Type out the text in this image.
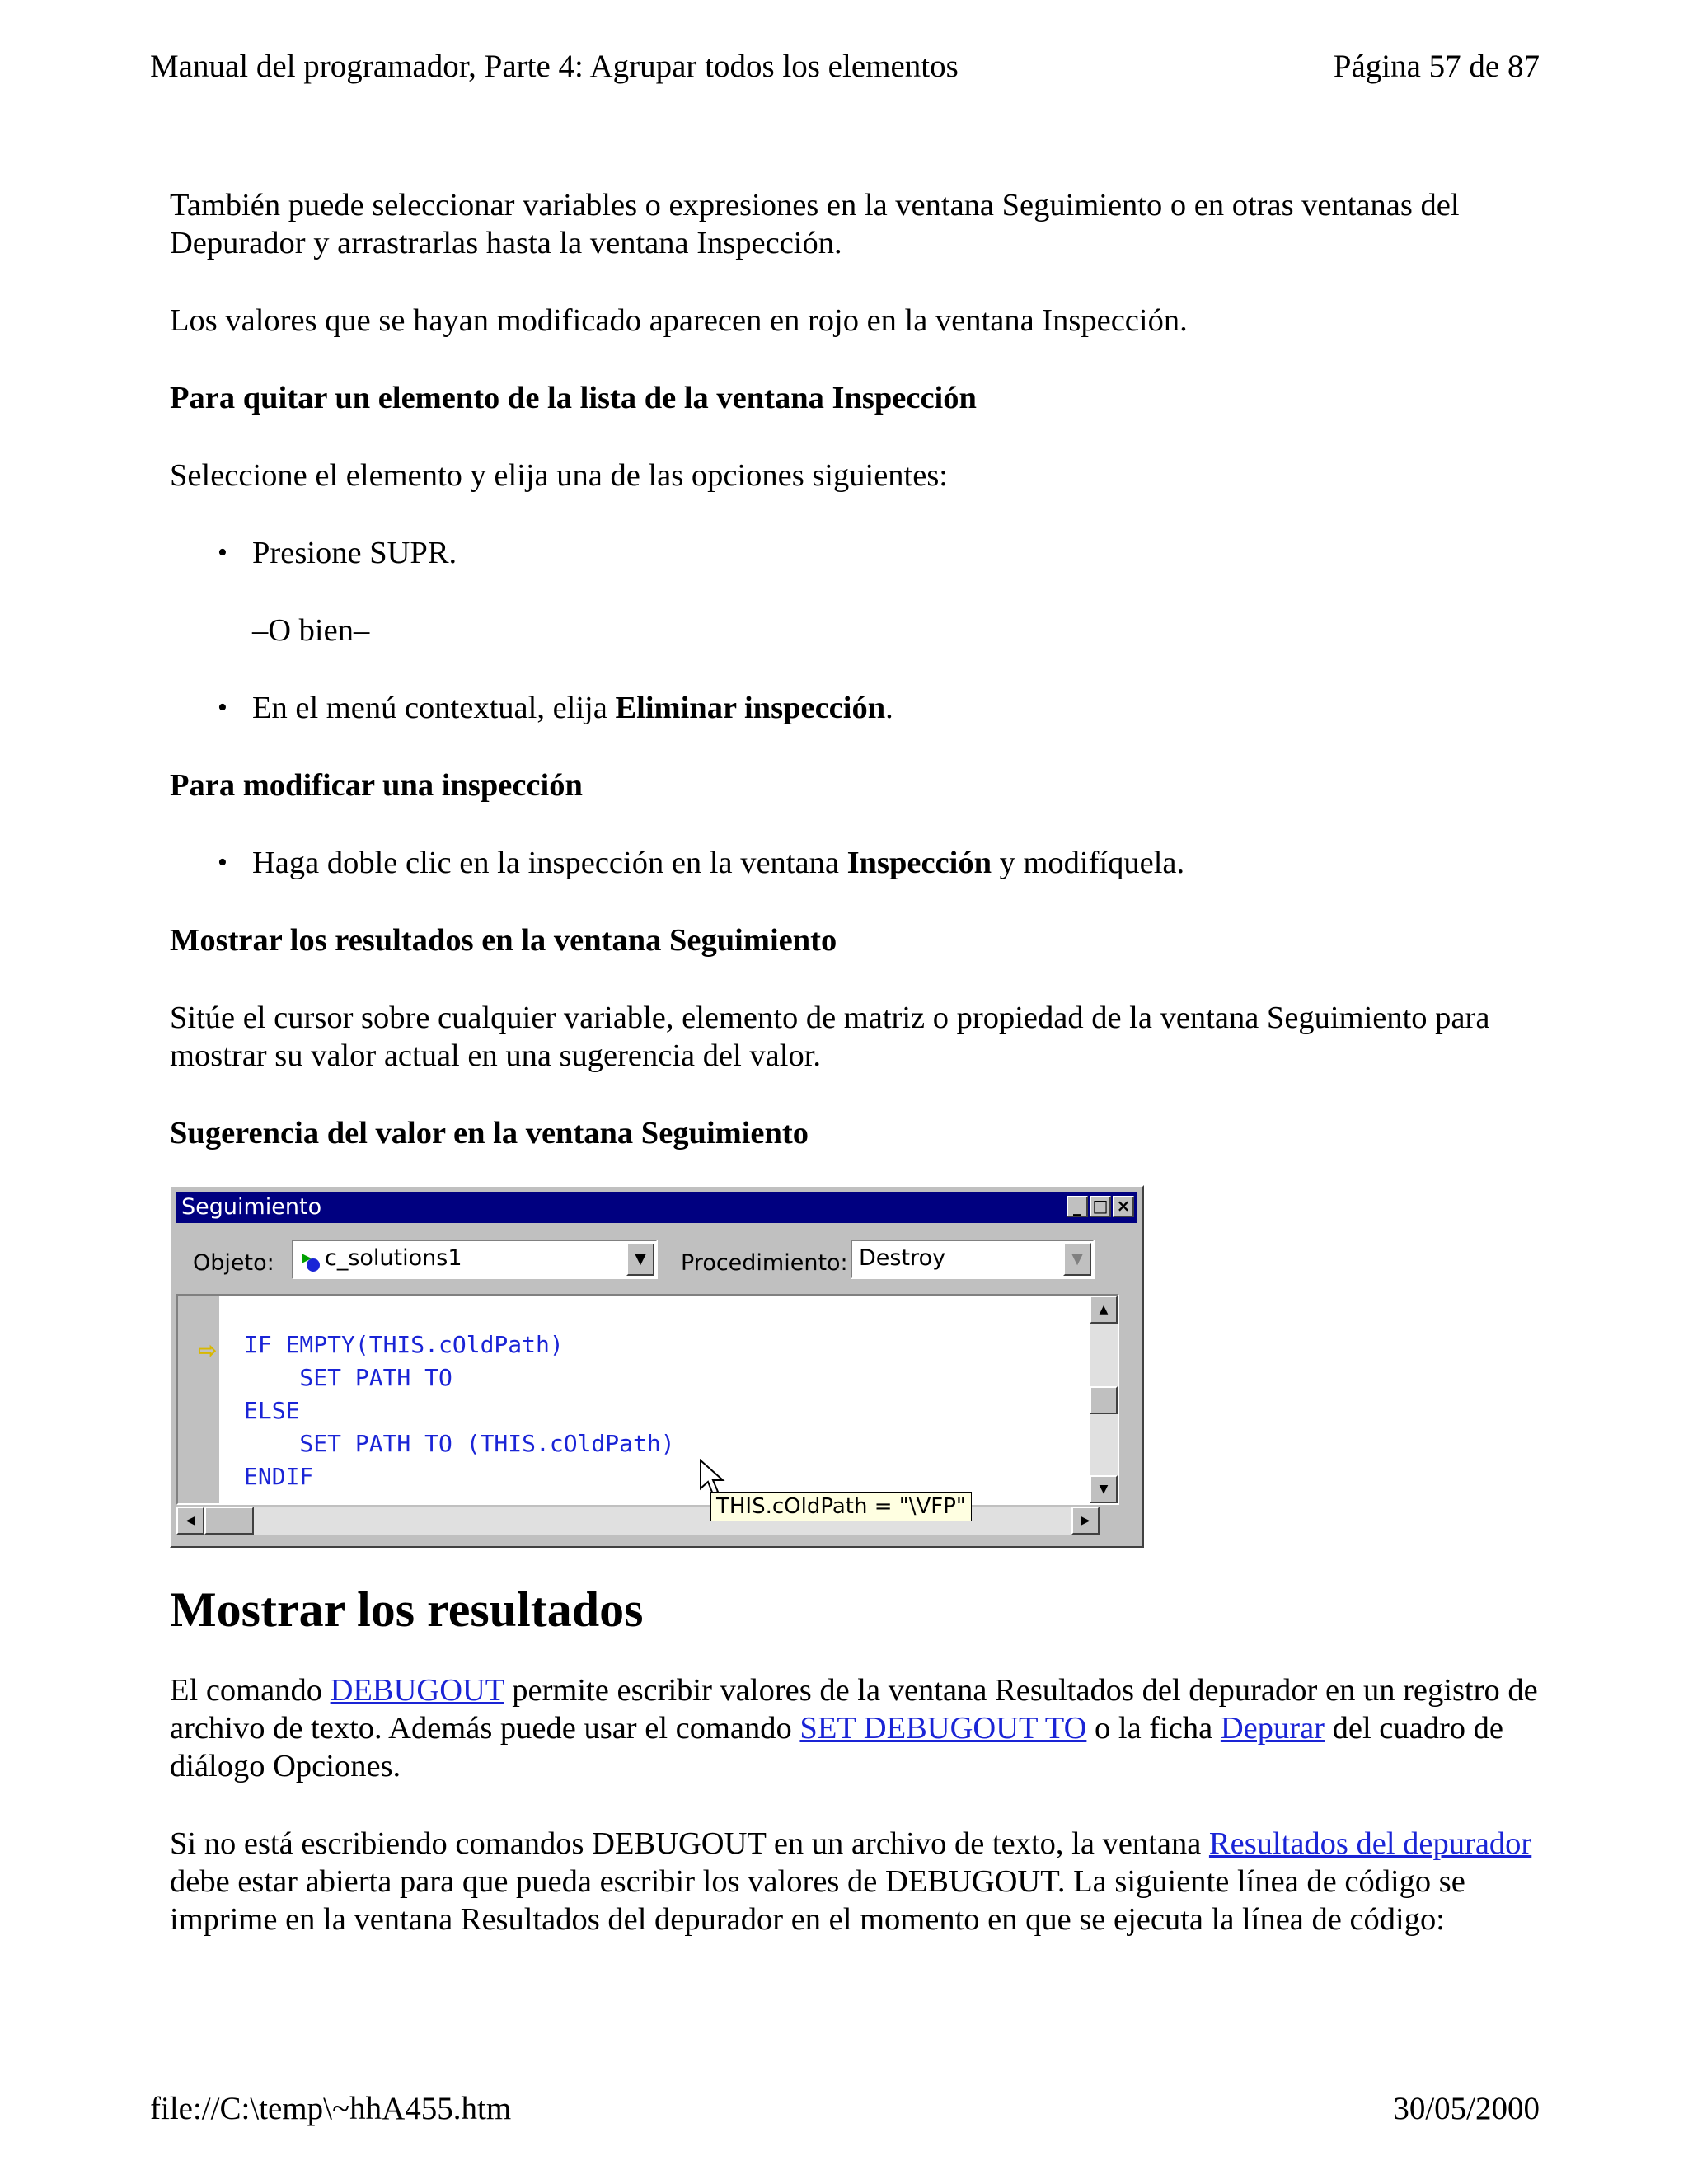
Manual del programador, Parte 4: Agrupar todos los elementos	Página 57 de 87

También puede seleccionar variables o expresiones en la ventana Seguimiento o en otras ventanas del Depurador y arrastrarlas hasta la ventana Inspección.

Los valores que se hayan modificado aparecen en rojo en la ventana Inspección.

Para quitar un elemento de la lista de la ventana Inspección

Seleccione el elemento y elija una de las opciones siguientes:

• Presione SUPR.

–O bien–

• En el menú contextual, elija Eliminar inspección.

Para modificar una inspección

• Haga doble clic en la inspección en la ventana Inspección y modifíquela.

Mostrar los resultados en la ventana Seguimiento

Sitúe el cursor sobre cualquier variable, elemento de matriz o propiedad de la ventana Seguimiento para mostrar su valor actual en una sugerencia del valor.

Sugerencia del valor en la ventana Seguimiento

Seguimiento	_ □ ×
Objeto:	c_solutions1	▼	Procedimiento: Destroy	▼
⇨ IF EMPTY(THIS.cOldPath)
SET PATH TO
ELSE
SET PATH TO (THIS.cOldPath)
ENDIF
▲
▼
◀	▶
THIS.cOldPath = "\VFP"
Mostrar los resultados

El comando DEBUGOUT permite escribir valores de la ventana Resultados del depurador en un registro de archivo de texto. Además puede usar el comando SET DEBUGOUT TO o la ficha Depurar del cuadro de diálogo Opciones.

Si no está escribiendo comandos DEBUGOUT en un archivo de texto, la ventana Resultados del depurador debe estar abierta para que pueda escribir los valores de DEBUGOUT. La siguiente línea de código se imprime en la ventana Resultados del depurador en el momento en que se ejecuta la línea de código:

file://C:\temp\~hhA455.htm	30/05/2000
